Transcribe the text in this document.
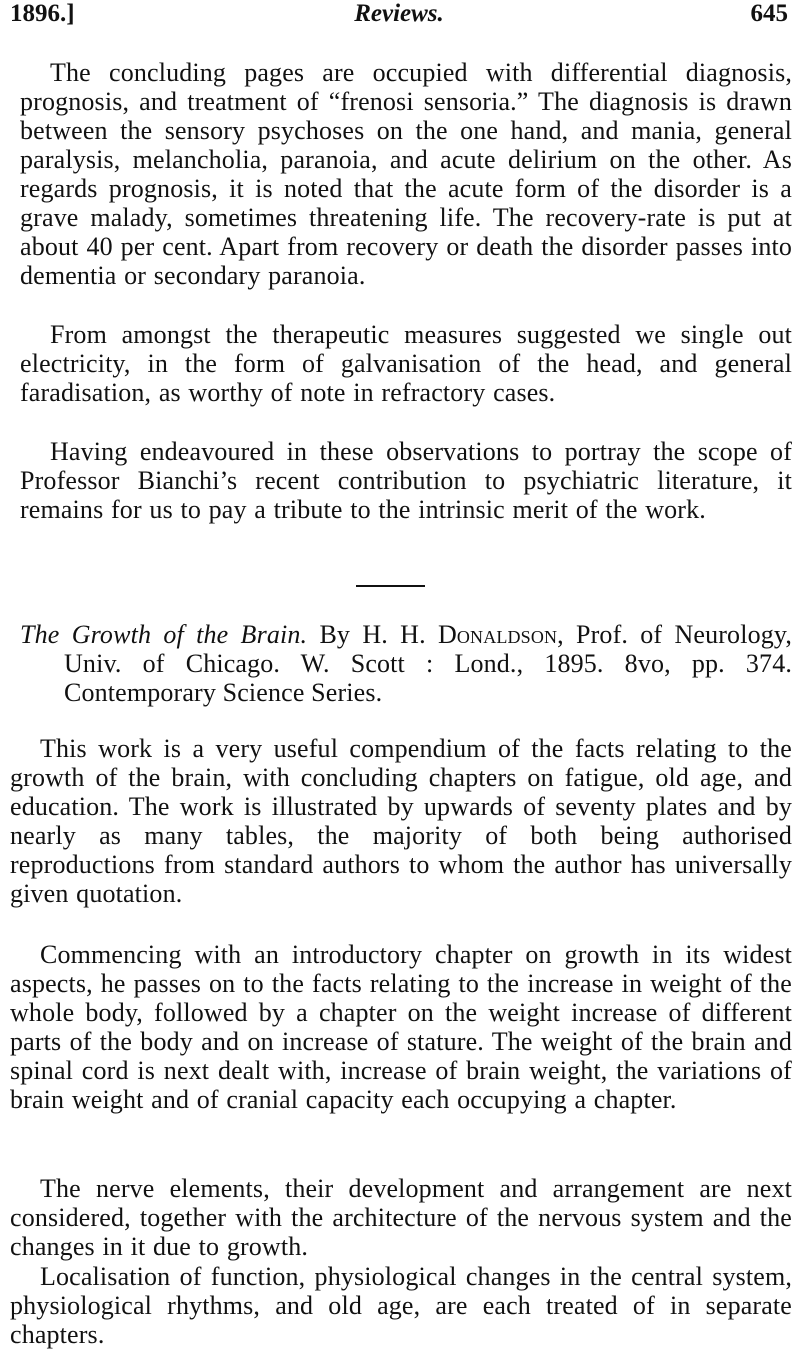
1896.]	Reviews.	645

The concluding pages are occupied with differential diagnosis, prognosis, and treatment of “frenosi sensoria.” The diagnosis is drawn between the sensory psychoses on the one hand, and mania, general paralysis, melancholia, paranoia, and acute delirium on the other. As regards prognosis, it is noted that the acute form of the disorder is a grave malady, sometimes threatening life. The recovery-rate is put at about 40 per cent. Apart from recovery or death the disorder passes into dementia or secondary paranoia.

From amongst the therapeutic measures suggested we single out electricity, in the form of galvanisation of the head, and general faradisation, as worthy of note in refractory cases.

Having endeavoured in these observations to portray the scope of Professor Bianchi’s recent contribution to psychiatric literature, it remains for us to pay a tribute to the intrinsic merit of the work.

The Growth of the Brain. By H. H. Donaldson, Prof. of Neurology, Univ. of Chicago. W. Scott : Lond., 1895. 8vo, pp. 374. Contemporary Science Series.

This work is a very useful compendium of the facts relating to the growth of the brain, with concluding chapters on fatigue, old age, and education. The work is illustrated by upwards of seventy plates and by nearly as many tables, the majority of both being authorised reproductions from standard authors to whom the author has universally given quotation.

Commencing with an introductory chapter on growth in its widest aspects, he passes on to the facts relating to the increase in weight of the whole body, followed by a chapter on the weight increase of different parts of the body and on increase of stature. The weight of the brain and spinal cord is next dealt with, increase of brain weight, the variations of brain weight and of cranial capacity each occupying a chapter.

The nerve elements, their development and arrangement are next considered, together with the architecture of the nervous system and the changes in it due to growth.

Localisation of function, physiological changes in the central system, physiological rhythms, and old age, are each treated of in separate chapters.
